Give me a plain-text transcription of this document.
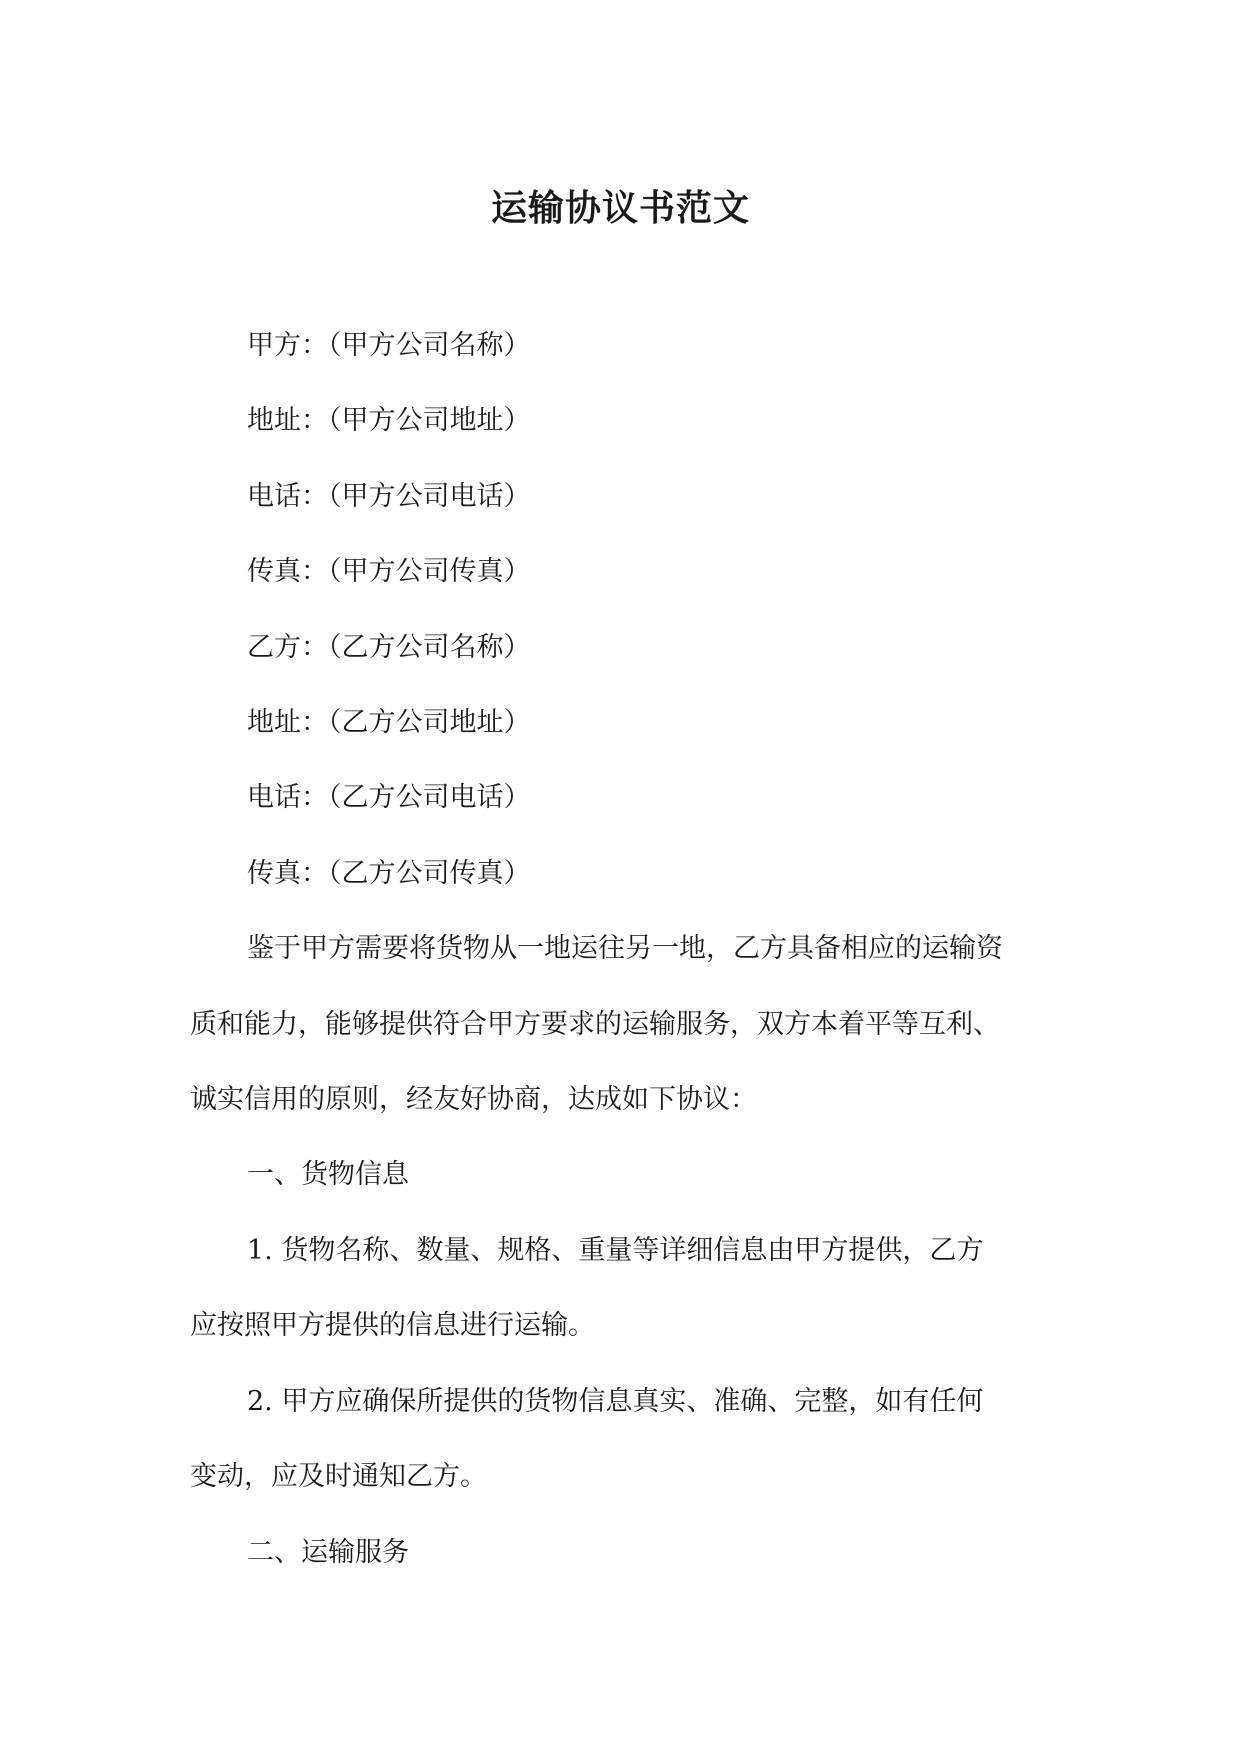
运输协议书范文
甲方：（甲方公司名称）
地址：（甲方公司地址）
电话：（甲方公司电话）
传真：（甲方公司传真）
乙方：（乙方公司名称）
地址：（乙方公司地址）
电话：（乙方公司电话）
传真：（乙方公司传真）
鉴于甲方需要将货物从一地运往另一地，乙方具备相应的运输资
质和能力，能够提供符合甲方要求的运输服务，双方本着平等互利、
诚实信用的原则，经友好协商，达成如下协议：
一、货物信息
1. 货物名称、数量、规格、重量等详细信息由甲方提供，乙方
应按照甲方提供的信息进行运输。
2. 甲方应确保所提供的货物信息真实、准确、完整，如有任何
变动，应及时通知乙方。
二、运输服务
